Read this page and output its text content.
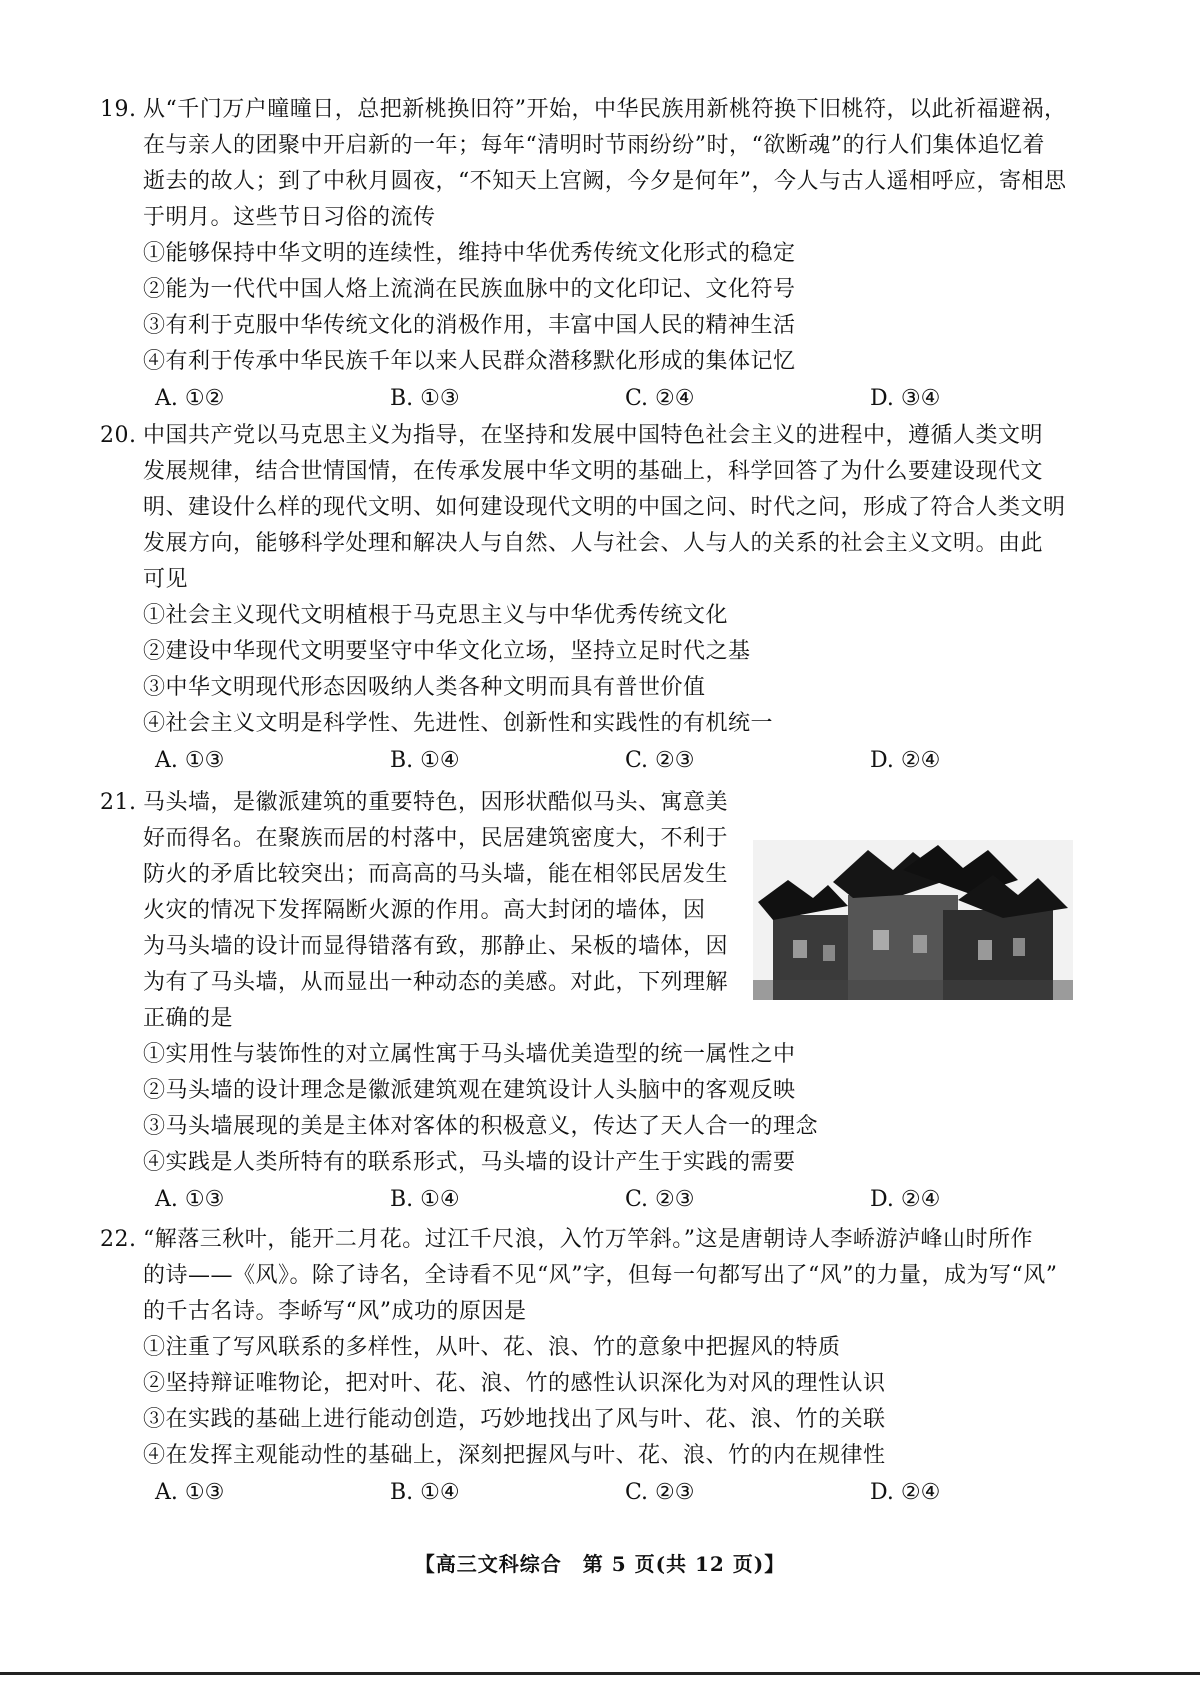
19. 从“千门万户曈曈日，总把新桃换旧符”开始，中华民族用新桃符换下旧桃符，以此祈福避祸，
在与亲人的团聚中开启新的一年；每年“清明时节雨纷纷”时，“欲断魂”的行人们集体追忆着
逝去的故人；到了中秋月圆夜，“不知天上宫阙，今夕是何年”，今人与古人遥相呼应，寄相思
于明月。这些节日习俗的流传
①能够保持中华文明的连续性，维持中华优秀传统文化形式的稳定
②能为一代代中国人烙上流淌在民族血脉中的文化印记、文化符号
③有利于克服中华传统文化的消极作用，丰富中国人民的精神生活
④有利于传承中华民族千年以来人民群众潜移默化形成的集体记忆
A. ①②	B. ①③	C. ②④	D. ③④
20. 中国共产党以马克思主义为指导，在坚持和发展中国特色社会主义的进程中，遵循人类文明
发展规律，结合世情国情，在传承发展中华文明的基础上，科学回答了为什么要建设现代文
明、建设什么样的现代文明、如何建设现代文明的中国之问、时代之问，形成了符合人类文明
发展方向，能够科学处理和解决人与自然、人与社会、人与人的关系的社会主义文明。由此
可见
①社会主义现代文明植根于马克思主义与中华优秀传统文化
②建设中华现代文明要坚守中华文化立场，坚持立足时代之基
③中华文明现代形态因吸纳人类各种文明而具有普世价值
④社会主义文明是科学性、先进性、创新性和实践性的有机统一
A. ①③	B. ①④	C. ②③	D. ②④
21. 马头墙，是徽派建筑的重要特色，因形状酷似马头、寓意美
好而得名。在聚族而居的村落中，民居建筑密度大，不利于
防火的矛盾比较突出；而高高的马头墙，能在相邻民居发生
火灾的情况下发挥隔断火源的作用。高大封闭的墙体，因
为马头墙的设计而显得错落有致，那静止、呆板的墙体，因
为有了马头墙，从而显出一种动态的美感。对此，下列理解
正确的是
①实用性与装饰性的对立属性寓于马头墙优美造型的统一属性之中
②马头墙的设计理念是徽派建筑观在建筑设计人头脑中的客观反映
③马头墙展现的美是主体对客体的积极意义，传达了天人合一的理念
④实践是人类所特有的联系形式，马头墙的设计产生于实践的需要
A. ①③	B. ①④	C. ②③	D. ②④
22. “解落三秋叶，能开二月花。过江千尺浪，入竹万竿斜。”这是唐朝诗人李峤游泸峰山时所作
的诗——《风》。除了诗名，全诗看不见“风”字，但每一句都写出了“风”的力量，成为写“风”
的千古名诗。李峤写“风”成功的原因是
①注重了写风联系的多样性，从叶、花、浪、竹的意象中把握风的特质
②坚持辩证唯物论，把对叶、花、浪、竹的感性认识深化为对风的理性认识
③在实践的基础上进行能动创造，巧妙地找出了风与叶、花、浪、竹的关联
④在发挥主观能动性的基础上，深刻把握风与叶、花、浪、竹的内在规律性
A. ①③	B. ①④	C. ②③	D. ②④
【高三文科综合　第 5 页(共 12 页)】
